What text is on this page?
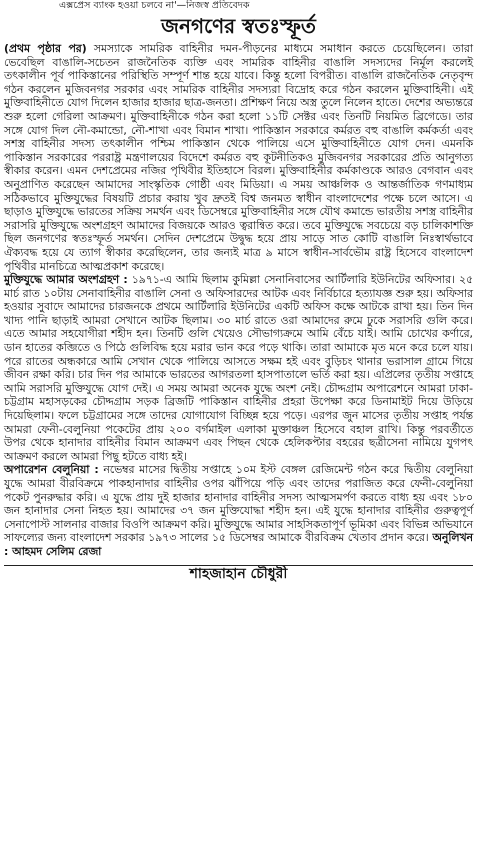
এক্সপ্রেস ব্যাংক হওয়া চলবে না'—নিজস্ব প্রতিবেদক
জনগণের স্বতঃস্ফূর্ত

(প্রথম পৃষ্ঠার পর) সমস্যাকে সামরিক বাহিনীর দমন-পীড়নের মাধ্যমে সমাধান করতে চেয়েছিলেন। তারা ভেবেছিল বাঙালি-সচেতন রাজনৈতিক ব্যক্তি এবং সামরিক বাহিনীর বাঙালি সদস্যদের নির্মূল করলেই তৎকালীন পূর্ব পাকিস্তানের পরিস্থিতি সম্পূর্ণ শান্ত হয়ে যাবে। কিন্তু হলো বিপরীত। বাঙালি রাজনৈতিক নেতৃবৃন্দ গঠন করলেন মুজিবনগর সরকার এবং সামরিক বাহিনীর সদস্যরা বিদ্রোহ করে গঠন করলেন মুক্তিবাহিনী। এই মুক্তিবাহিনীতে যোগ দিলেন হাজার হাজার ছাত্র-জনতা। প্রশিক্ষণ নিয়ে অস্ত্র তুলে নিলেন হাতে। দেশের অভ্যন্তরে শুরু হলো গেরিলা আক্রমণ। মুক্তিবাহিনীকে গঠন করা হলো ১১টি সেক্টর এবং তিনটি নিয়মিত ব্রিগেডে। তার সঙ্গে যোগ দিল নৌ-কমান্ডো, নৌ-শাখা এবং বিমান শাখা। পাকিস্তান সরকারে কর্মরত বহু বাঙালি কর্মকর্তা এবং সশস্ত্র বাহিনীর সদস্য তৎকালীন পশ্চিম পাকিস্তান থেকে পালিয়ে এসে মুক্তিবাহিনীতে যোগ দেন। এমনকি পাকিস্তান সরকারের পররাষ্ট্র মন্ত্রণালয়ের বিদেশে কর্মরত বহু কূটনীতিকও মুজিবনগর সরকারের প্রতি আনুগত্য স্বীকার করেন। এমন দেশপ্রেমের নজির পৃথিবীর ইতিহাসে বিরল। মুক্তিবাহিনীর কর্মকাণ্ডকে আরও বেগবান এবং অনুপ্রাণিত করেছেন আমাদের সাংস্কৃতিক গোষ্ঠী এবং মিডিয়া। এ সময় আঞ্চলিক ও আন্তর্জাতিক গণমাধ্যম সঠিকভাবে মুক্তিযুদ্ধের বিষয়টি প্রচার করায় খুব দ্রুতই বিশ্ব জনমত স্বাধীন বাংলাদেশের পক্ষে চলে আসে। এ ছাড়াও মুক্তিযুদ্ধে ভারতের সক্রিয় সমর্থন এবং ডিসেম্বরে মুক্তিবাহিনীর সঙ্গে যৌথ কমান্ডে ভারতীয় সশস্ত্র বাহিনীর সরাসরি মুক্তিযুদ্ধে অংশগ্রহণ আমাদের বিজয়কে আরও ত্বরান্বিত করে। তবে মুক্তিযুদ্ধে সবচেয়ে বড় চালিকাশক্তি ছিল জনগণের স্বতঃস্ফূর্ত সমর্থন। সেদিন দেশপ্রেমে উদ্বুদ্ধ হয়ে প্রায় সাড়ে সাত কোটি বাঙালি নিঃস্বার্থভাবে ঐক্যবদ্ধ হয়ে যে ত্যাগ স্বীকার করেছিলেন, তার জন্যই মাত্র ৯ মাসে স্বাধীন-সার্বভৌম রাষ্ট্র হিসেবে বাংলাদেশ পৃথিবীর মানচিত্রে আত্মপ্রকাশ করেছে।

মুক্তিযুদ্ধে আমার অংশগ্রহণ : ১৯৭১-এ আমি ছিলাম কুমিল্লা সেনানিবাসের আর্টিলারি ইউনিটের অফিসার। ২৫ মার্চ রাত ১০টায় সেনাবাহিনীর বাঙালি সেনা ও অফিসারদের আটক এবং নির্বিচারে হত্যাযজ্ঞ শুরু হয়। অফিসার হওয়ার সুবাদে আমাদের চারজনকে প্রথমে আর্টিলারি ইউনিটের একটি অফিস কক্ষে আটকে রাখা হয়। তিন দিন খাদ্য পানি ছাড়াই আমরা সেখানে আটক ছিলাম। ৩০ মার্চ রাতে ওরা আমাদের রুমে ঢুকে সরাসরি গুলি করে। এতে আমার সহযোগীরা শহীদ হন। তিনটি গুলি খেয়েও সৌভাগ্যক্রমে আমি বেঁচে যাই। আমি চোখের কর্ণারে, ডান হাতের কব্জিতে ও পিঠে গুলিবিদ্ধ হয়ে মরার ভান করে পড়ে থাকি। তারা আমাকে মৃত মনে করে চলে যায়। পরে রাতের অন্ধকারে আমি সেখান থেকে পালিয়ে আসতে সক্ষম হই এবং বুড়িচং থানার ভরাসাল গ্রামে গিয়ে জীবন রক্ষা করি। চার দিন পর আমাকে ভারতের আগরতলা হাসপাতালে ভর্তি করা হয়। এপ্রিলের তৃতীয় সপ্তাহে আমি সরাসরি মুক্তিযুদ্ধে যোগ দেই। এ সময় আমরা অনেক যুদ্ধে অংশ নেই। চৌদ্দগ্রাম অপারেশনে আমরা ঢাকা-চট্টগ্রাম মহাসড়কের চৌদ্দগ্রাম সড়ক ব্রিজটি পাকিস্তান বাহিনীর প্রহরা উপেক্ষা করে ডিনামাইট দিয়ে উড়িয়ে দিয়েছিলাম। ফলে চট্টগ্রামের সঙ্গে তাদের যোগাযোগ বিচ্ছিন্ন হয়ে পড়ে। এরপর জুন মাসের তৃতীয় সপ্তাহ পর্যন্ত আমরা ফেনী-বেলুনিয়া পকেটের প্রায় ২০০ বর্গমাইল এলাকা মুক্তাঞ্চল হিসেবে বহাল রাখি। কিন্তু পরবর্তীতে উপর থেকে হানাদার বাহিনীর বিমান আক্রমণ এবং পিছন থেকে হেলিকপ্টার বহরের ছত্রীসেনা নামিয়ে যুগপৎ আক্রমণ করলে আমরা পিছু হটতে বাধ্য হই।

অপারেশন বেলুনিয়া : নভেম্বর মাসের দ্বিতীয় সপ্তাহে ১০ম ইস্ট বেঙ্গল রেজিমেন্ট গঠন করে দ্বিতীয় বেলুনিয়া যুদ্ধে আমরা বীরবিক্রমে পাকহানাদার বাহিনীর ওপর ঝাঁপিয়ে পড়ি এবং তাদের পরাজিত করে ফেনী-বেলুনিয়া পকেট পুনরুদ্ধার করি। এ যুদ্ধে প্রায় দুই হাজার হানাদার বাহিনীর সদস্য আত্মসমর্পণ করতে বাধ্য হয় এবং ১৮০ জন হানাদার সেনা নিহত হয়। আমাদের ৩৭ জন মুক্তিযোদ্ধা শহীদ হন। এই যুদ্ধে হানাদার বাহিনীর গুরুত্বপূর্ণ সেনাপোস্ট সালনার বাজার বিওপি আক্রমণ করি। মুক্তিযুদ্ধে আমার সাহসিকতাপূর্ণ ভূমিকা এবং বিভিন্ন অভিযানে সাফল্যের জন্য বাংলাদেশ সরকার ১৯৭৩ সালের ১৫ ডিসেম্বর আমাকে বীরবিক্রম খেতাব প্রদান করে। অনুলিখন : আহমদ সেলিম রেজা

শাহজাহান চৌধুরী
